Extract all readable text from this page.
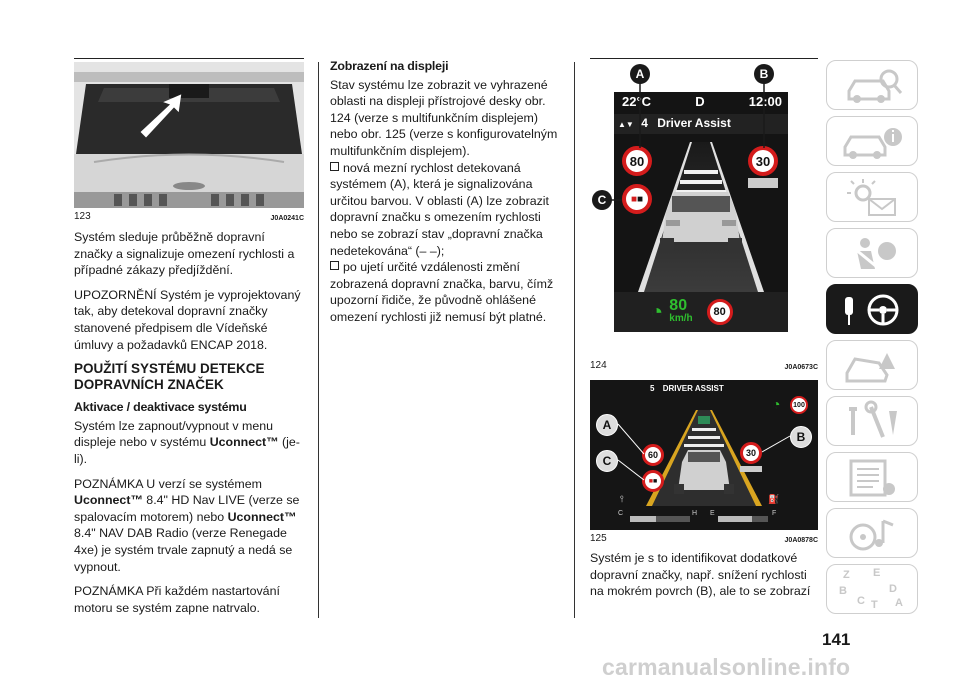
123	J0A0241C

Systém sleduje průběžně dopravní značky a signalizuje omezení rychlosti a případné zákazy předjíždění.

UPOZORNĚNÍ Systém je vyprojektovaný tak, aby detekoval dopravní značky stanovené předpisem dle Vídeňské úmluvy a požadavků ENCAP 2018.

POUŽITÍ SYSTÉMU DETEKCE DOPRAVNÍCH ZNAČEK
Aktivace / deaktivace systému

Systém lze zapnout/vypnout v menu displeje nebo v systému Uconnect™ (je-li).

POZNÁMKA U verzí se systémem Uconnect™ 8.4" HD Nav LIVE (verze se spalovacím motorem) nebo Uconnect™ 8.4" NAV DAB Radio (verze Renegade 4xe) je systém trvale zapnutý a nedá se vypnout.

POZNÁMKA Při každém nastartování motoru se systém zapne natrvalo.

Zobrazení na displeji

Stav systému lze zobrazit ve vyhrazené oblasti na displeji přístrojové desky obr. 124 (verze s multifunkčním displejem) nebo obr. 125 (verze s konfigurovatelným multifunkčním displejem).

nová mezní rychlost detekovaná systémem (A), která je signalizována určitou barvou. V oblasti (A) lze zobrazit dopravní značku s omezením rychlosti nebo se zobrazí stav „dopravní značka nedetekována“ (– –);
po ujetí určité vzdálenosti změní zobrazená dopravní značka, barvu, čímž upozorní řidiče, že původně ohlášené omezení rychlosti již nemusí být platné.
22°C	D	12:00
▲▼ 4 Driver Assist
80	30
■ ■
◔ 80
km/h
80
A	B
C
124	J0A0673C
5 DRIVER ASSIST
60
■ ■
30
◔	100
C	H E	F
⫯	⛽
A
B
C
125	J0A0878C

Systém je s to identifikovat dodatkové dopravní značky, např. snížení rychlosti na mokrém povrch (B), ale to se zobrazí

Z E
B	D
C T A
141
carmanualsonline.info
